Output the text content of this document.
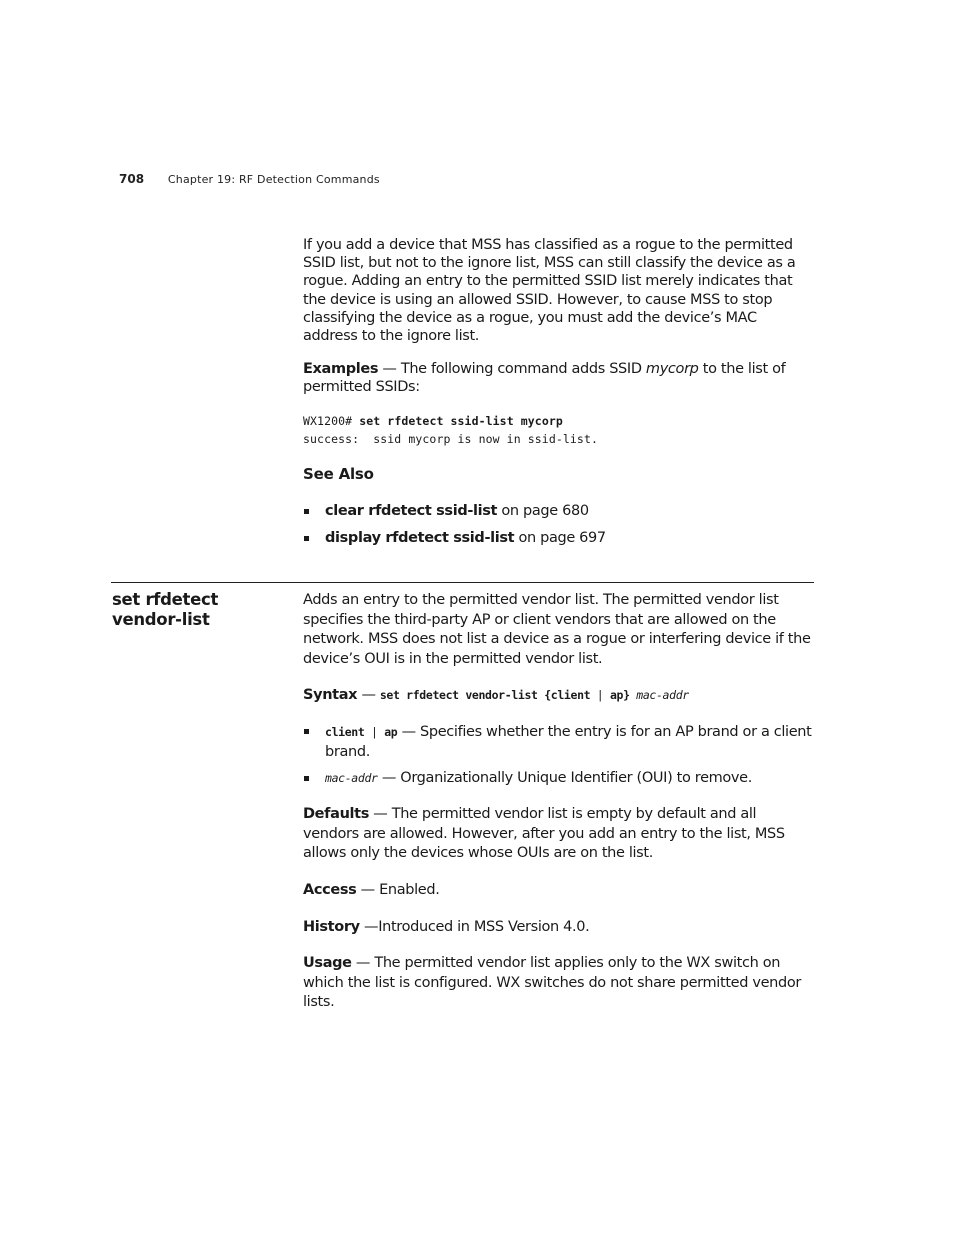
708 Chapter 19: RF Detection Commands
If you add a device that MSS has classified as a rogue to the permitted SSID list, but not to the ignore list, MSS can still classify the device as a rogue. Adding an entry to the permitted SSID list merely indicates that the device is using an allowed SSID. However, to cause MSS to stop classifying the device as a rogue, you must add the device’s MAC address to the ignore list.
Examples — The following command adds SSID mycorp to the list of permitted SSIDs:
WX1200# set rfdetect ssid-list mycorp
success:  ssid mycorp is now in ssid-list.
See Also
clear rfdetect ssid-list on page 680
display rfdetect ssid-list on page 697
set rfdetect
vendor-list
Adds an entry to the permitted vendor list. The permitted vendor list specifies the third-party AP or client vendors that are allowed on the network. MSS does not list a device as a rogue or interfering device if the device’s OUI is in the permitted vendor list.
Syntax — set rfdetect vendor-list {client | ap} mac-addr
client | ap — Specifies whether the entry is for an AP brand or a client brand.
mac-addr — Organizationally Unique Identifier (OUI) to remove.
Defaults — The permitted vendor list is empty by default and all vendors are allowed. However, after you add an entry to the list, MSS allows only the devices whose OUIs are on the list.
Access — Enabled.
History —Introduced in MSS Version 4.0.
Usage — The permitted vendor list applies only to the WX switch on which the list is configured. WX switches do not share permitted vendor lists.
